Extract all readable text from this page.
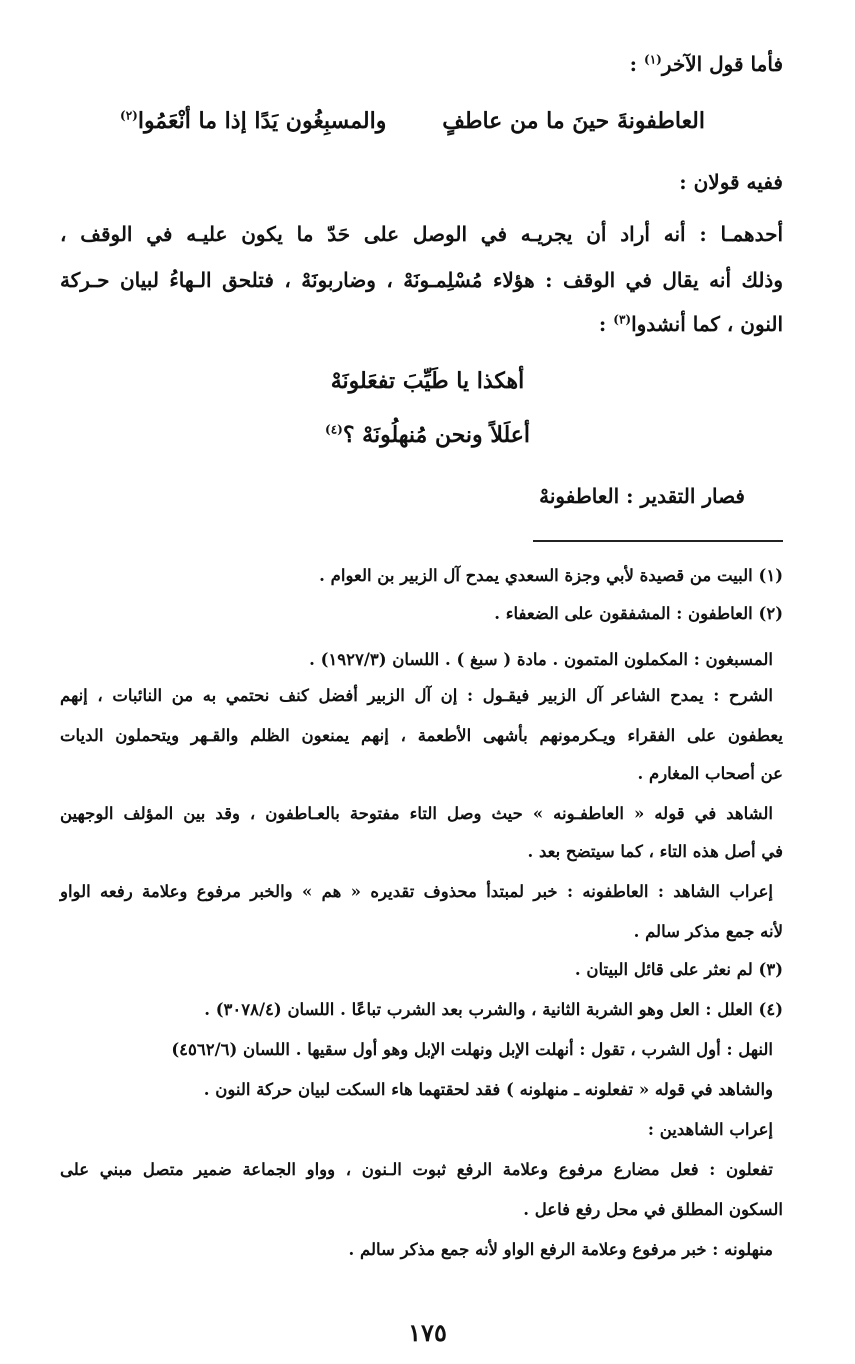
فأما قول الآخر$^{(١)}$ :
العاطفونةَ حينَ ما من عاطفٍ
والمسبِغُون يَدًا إذا ما أنْعَمُوا$^{(٢)}$
ففيه قولان :
أحدهمـا : أنه أراد أن يجريـه في الوصل على حَدّ ما يكون عليـه في الوقف ،
وذلك أنه يقال في الوقف : هؤلاء مُسْلِمـونَهْ ، وضاربونَهْ ، فتلحق الـهاءُ لبيان حـركة
النون ، كما أنشدوا$^{(٣)}$ :
أهكذا يا طَيِّبَ تفعَلونَهْ
أعلَلاً ونحن مُنهلُونَهْ ؟$^{(٤)}$
فصار التقدير : العاطفونهْ
(١) البيت من قصيدة لأبي وجزة السعدي يمدح آل الزبير بن العوام .
(٢) العاطفون : المشفقون على الضعفاء .
المسبغون : المكملون المتمون . مادة ( سبغ ) . اللسان (١٩٢٧/٣) .
الشرح : يمدح الشاعر آل الزبير فيقـول : إن آل الزبير أفضل كنف نحتمي به من النائبات ، إنهم
يعطفون على الفقراء ويـكرمونهم بأشهى الأطعمة ، إنهم يمنعون الظلم والقـهر ويتحملون الديات
عن أصحاب المغارم .
الشاهد في قوله « العاطفـونه » حيث وصل التاء مفتوحة بالعـاطفون ، وقد بين المؤلف الوجهين
في أصل هذه التاء ، كما سيتضح بعد .
إعراب الشاهد : العاطفونه : خبر لمبتدأ محذوف تقديره « هم » والخبر مرفوع وعلامة رفعه الواو
لأنه جمع مذكر سالم .
(٣) لم نعثر على قائل البيتان .
(٤) العلل : العل وهو الشربة الثانية ، والشرب بعد الشرب تباعًا . اللسان (٣٠٧٨/٤) .
النهل : أول الشرب ، تقول : أنهلت الإبل ونهلت الإبل وهو أول سقيها . اللسان (٤٥٦٢/٦)
والشاهد في قوله « تفعلونه ـ منهلونه ) فقد لحقتهما هاء السكت لبيان حركة النون .
إعراب الشاهدين :
تفعلون : فعل مضارع مرفوع وعلامة الرفع ثبوت الـنون ، وواو الجماعة ضمير متصل مبني على
السكون المطلق في محل رفع فاعل .
منهلونه : خبر مرفوع وعلامة الرفع الواو لأنه جمع مذكر سالم .
١٧٥
